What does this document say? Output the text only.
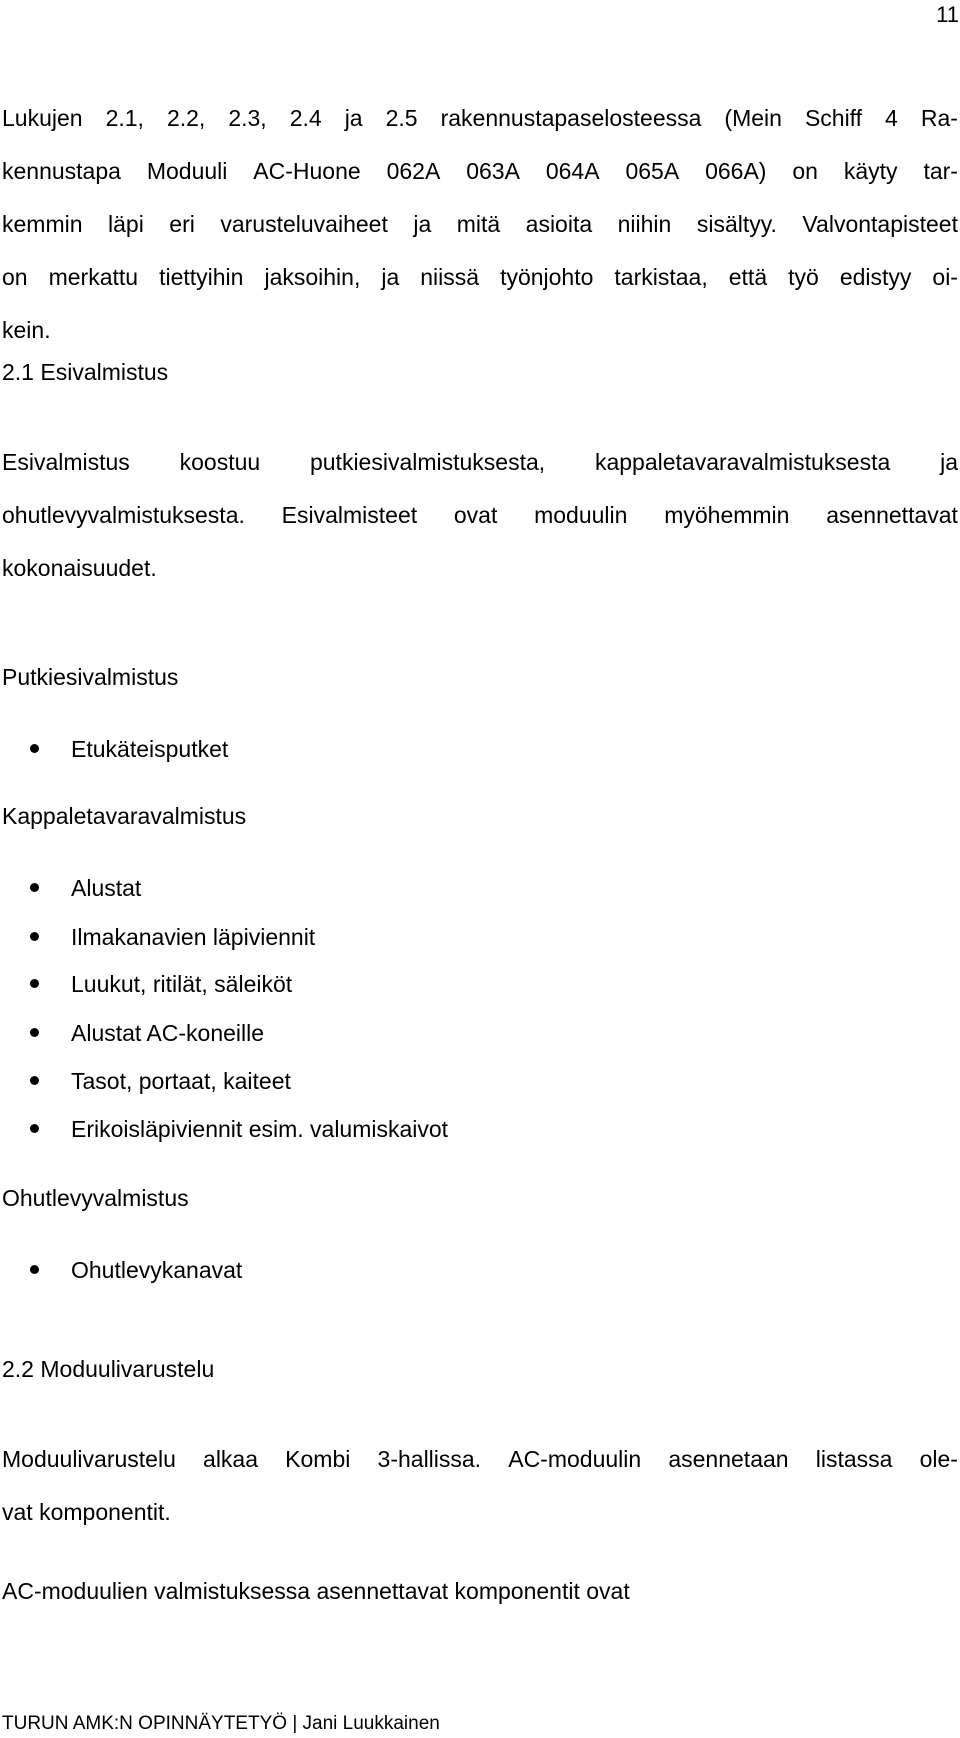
11
Lukujen 2.1, 2.2, 2.3, 2.4 ja 2.5 rakennustapaselosteessa (Mein Schiff 4 Ra-
kennustapa Moduuli AC-Huone 062A 063A 064A 065A 066A) on käyty tar-
kemmin läpi eri varusteluvaiheet ja mitä asioita niihin sisältyy. Valvontapisteet
on merkattu tiettyihin jaksoihin, ja niissä työnjohto tarkistaa, että työ edistyy oi-
kein.
2.1 Esivalmistus
Esivalmistus koostuu putkiesivalmistuksesta, kappaletavaravalmistuksesta ja
ohutlevyvalmistuksesta. Esivalmisteet ovat moduulin myöhemmin asennettavat
kokonaisuudet.
Putkiesivalmistus
Etukäteisputket
Kappaletavaravalmistus
Alustat
Ilmakanavien läpiviennit
Luukut, ritilät, säleiköt
Alustat AC-koneille
Tasot, portaat, kaiteet
Erikoisläpiviennit esim. valumiskaivot
Ohutlevyvalmistus
Ohutlevykanavat
2.2 Moduulivarustelu
Moduulivarustelu alkaa Kombi 3-hallissa. AC-moduulin asennetaan listassa ole-
vat komponentit.
AC-moduulien valmistuksessa asennettavat komponentit ovat
TURUN AMK:N OPINNÄYTETYÖ | Jani Luukkainen
